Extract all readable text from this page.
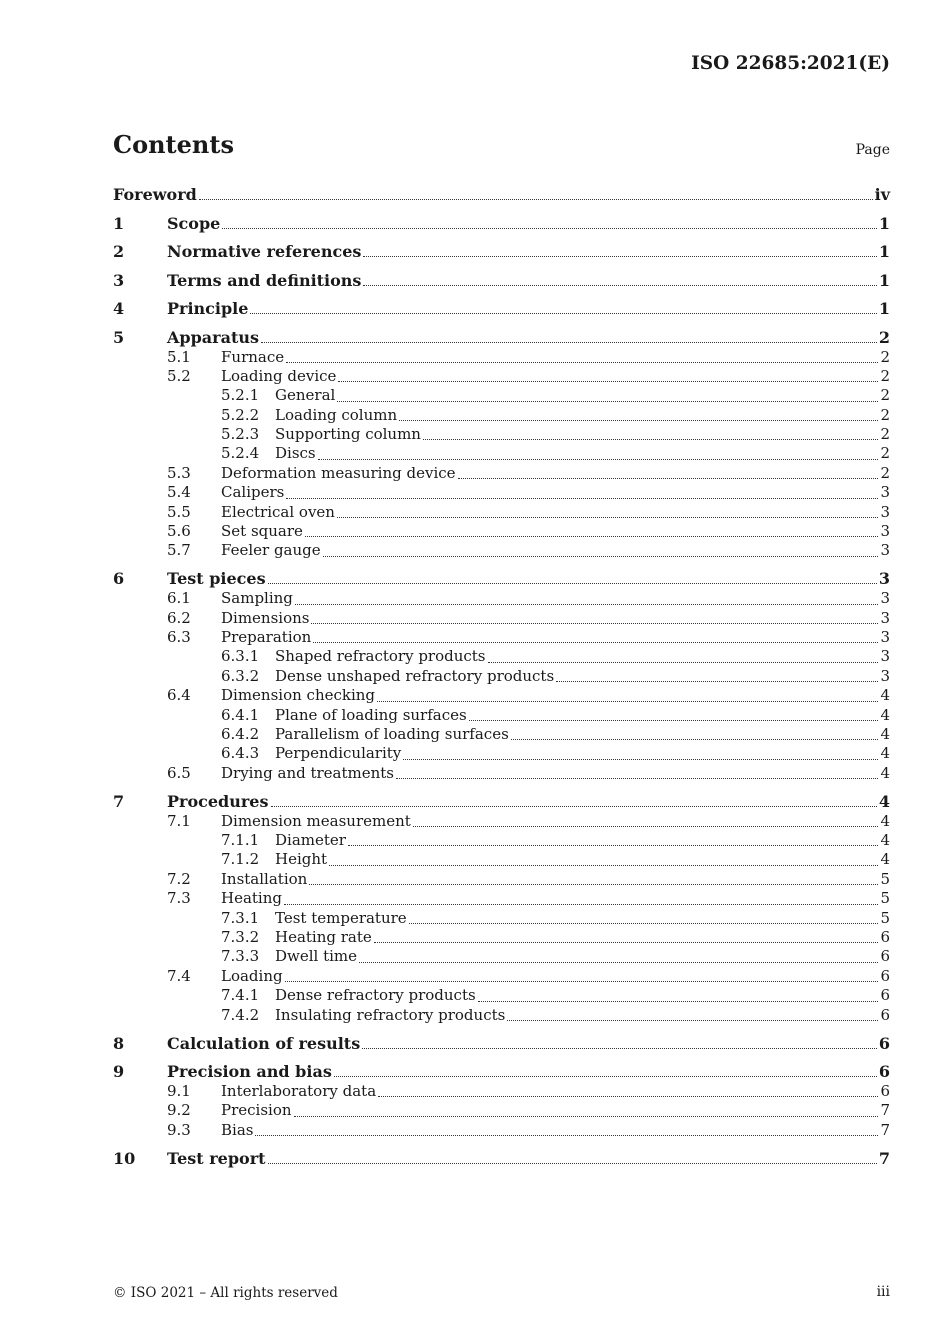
ISO 22685:2021(E)
Contents	Page
Foreword	iv
1	Scope	1
2	Normative references	1
3	Terms and definitions	1
4	Principle	1
5	Apparatus	2
5.1	Furnace	2
5.2	Loading device	2
5.2.1	General	2
5.2.2	Loading column	2
5.2.3	Supporting column	2
5.2.4	Discs	2
5.3	Deformation measuring device	2
5.4	Calipers	3
5.5	Electrical oven	3
5.6	Set square	3
5.7	Feeler gauge	3
6	Test pieces	3
6.1	Sampling	3
6.2	Dimensions	3
6.3	Preparation	3
6.3.1	Shaped refractory products	3
6.3.2	Dense unshaped refractory products	3
6.4	Dimension checking	4
6.4.1	Plane of loading surfaces	4
6.4.2	Parallelism of loading surfaces	4
6.4.3	Perpendicularity	4
6.5	Drying and treatments	4
7	Procedures	4
7.1	Dimension measurement	4
7.1.1	Diameter	4
7.1.2	Height	4
7.2	Installation	5
7.3	Heating	5
7.3.1	Test temperature	5
7.3.2	Heating rate	6
7.3.3	Dwell time	6
7.4	Loading	6
7.4.1	Dense refractory products	6
7.4.2	Insulating refractory products	6
8	Calculation of results	6
9	Precision and bias	6
9.1	Interlaboratory data	6
9.2	Precision	7
9.3	Bias	7
10	Test report	7
© ISO 2021 – All rights reserved	iii
